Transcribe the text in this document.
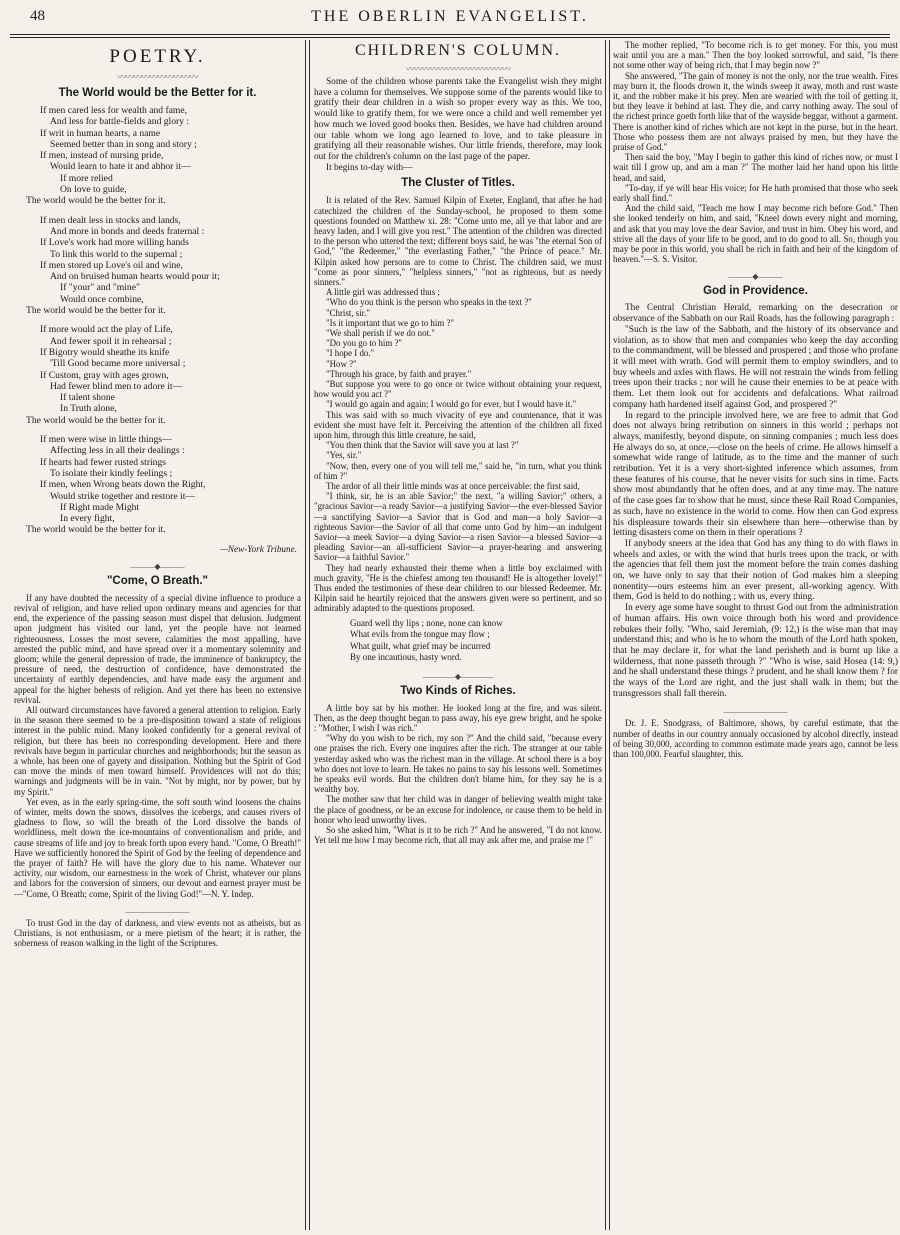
48	THE OBERLIN EVANGELIST.
POETRY.
〰〰〰〰〰〰〰〰〰〰
The World would be the Better for it.
If men cared less for wealth and fame,
And less for battle-fields and glory :
If writ in human hearts, a name
Seemed better than in song and story ;
If men, instead of nursing pride,
Would learn to hate it and abhor it—
If more relied
On love to guide,
The world would be the better for it.
If men dealt less in stocks and lands,
And more in bonds and deeds fraternal :
If Love's work had more willing hands
To link this world to the supernal ;
If men stored up Love's oil and wine,
And on bruised human hearts would pour it;
If "your" and "mine"
Would once combine,
The world would be the better for it.
If more would act the play of Life,
And fewer spoil it in rehearsal ;
If Bigotry would sheathe its knife
'Till Good became more universal ;
If Custom, gray with ages grown,
Had fewer blind men to adore it—
If talent shone
In Truth alone,
The world would be the better for it.
If men were wise in little things—
Affecting less in all their dealings :
If hearts had fewer rusted strings
To isolate their kindly feelings ;
If men, when Wrong beats down the Right,
Would strike together and restore it—
If Right made Might
In every fight,
The world would be the better for it.
—New-York Tribune.
———◆———
"Come, O Breath."

If any have doubted the necessity of a special divine influence to produce a revival of religion, and have relied upon ordinary means and agencies for that end, the experience of the passing season must dispel that delusion. Judgment upon judgment has visited our land, yet the people have not learned righteousness. Losses the most severe, calamities the most appalling, have arrested the public mind, and have spread over it a momentary solemnity and gloom; while the general depression of trade, the imminence of bankruptcy, the pressure of need, the destruction of confidence, have demonstrated the uncertainty of earthly dependencies, and have made easy the argument and appeal for the higher behests of religion. And yet there has been no extensive revival.

All outward circumstances have favored a general attention to religion. Early in the season there seemed to be a pre-disposition toward a state of religious interest in the public mind. Many looked confidently for a general revival of religion, but there has been no corresponding development. Here and there revivals have begun in particular churches and neighborhoods; but the season as a whole, has been one of gayety and dissipation. Nothing but the Spirit of God can move the minds of men toward himself. Providences will not do this; warnings and judgments will be in vain. "Not by might, nor by power, but by my Spirit."

Yet even, as in the early spring-time, the soft south wind loosens the chains of winter, melts down the snows, dissolves the icebergs, and causes rivers of gladness to flow, so will the breath of the Lord dissolve the bands of worldliness, melt down the ice-mountains of conventionalism and pride, and cause streams of life and joy to break forth upon every hand. "Come, O Breath!" Have we sufficiently honored the Spirit of God by the feeling of dependence and the prayer of faith? He will have the glory due to his name. Whatever our activity, our wisdom, our earnestness in the work of Christ, whatever our plans and labors for the conversion of sinners, our devout and earnest prayer must be—"Come, O Breath; come, Spirit of the living God!"—N. Y. Indep.

————————

To trust God in the day of darkness, and view events not as atheists, but as Christians, is not enthusiasm, or a mere pietism of the heart; it is rather, the soberness of reason walking in the light of the Scriptures.

CHILDREN'S COLUMN.
〰〰〰〰〰〰〰〰〰〰〰〰〰

Some of the children whose parents take the Evangelist wish they might have a column for themselves. We suppose some of the parents would like to gratify their dear children in a wish so proper every way as this. We too, would like to gratify them, for we were once a child and well remember yet how much we loved good books then. Besides, we have had children around our table whom we long ago learned to love, and to take pleasure in gratifying all their reasonable wishes. Our little friends, therefore, may look out for the children's column on the last page of the paper.

It begins to-day with—

The Cluster of Titles.

It is related of the Rev. Samuel Kilpin of Exeter, England, that after he had catechized the children of the Sunday-school, he proposed to them some questions founded on Matthew xi. 28: "Come unto me, all ye that labor and are heavy laden, and I will give you rest." The attention of the children was directed to the person who uttered the text; different boys said, he was "the eternal Son of God," "the Redeemer," "the everlasting Father," "the Prince of peace." Mr. Kilpin asked how persons are to come to Christ. The children said, we must "come as poor sinners," "helpless sinners," "not as righteous, but as needy sinners."

A little girl was addressed thus ;

"Who do you think is the person who speaks in the text ?"

"Christ, sir."

"Is it important that we go to him ?"

"We shall perish if we do not."

"Do you go to him ?"

"I hope I do."

"How ?"

"Through his grace, by faith and prayer."

"But suppose you were to go once or twice without obtaining your request, how would you act ?"

"I would go again and again; I would go for ever, but I would have it."

This was said with so much vivacity of eye and countenance, that it was evident she must have felt it. Perceiving the attention of the children all fixed upon him, through this little creature, he said,

"You then think that the Savior will save you at last ?"

"Yes, sir."

"Now, then, every one of you will tell me," said he, "in turn, what you think of him ?"

The ardor of all their little minds was at once perceivable: the first said,

"I think, sir, he is an able Savior;" the next, "a willing Savior;" others, a "gracious Savior—a ready Savior—a justifying Savior—the ever-blessed Savior—a sanctifying Savior—a Savior that is God and man—a holy Savior—a righteous Savior—the Savior of all that come unto God by him—an indulgent Savior—a meek Savior—a dying Savior—a risen Savior—a blessed Savior—a pleading Savior—an all-sufficient Savior—a prayer-hearing and answering Savior—a faithful Savior."

They had nearly exhausted their theme when a little boy exclaimed with much gravity, "He is the chiefest among ten thousand! He is altogether lovely!" Thus ended the testimonies of these dear children to our blessed Redeemer. Mr. Kilpin said he heartily rejoiced that the answers given were so pertinent, and so admirably adapted to the questions proposed.

Guard well thy lips ; none, none can know
What evils from the tongue may flow ;
What guilt, what grief may be incurred
By one incautious, hasty word.
————◆————
Two Kinds of Riches.

A little boy sat by his mother. He looked long at the fire, and was silent. Then, as the deep thought began to pass away, his eye grew bright, and he spoke : "Mother, I wish I was rich."

"Why do you wish to be rich, my son ?" And the child said, "because every one praises the rich. Every one inquires after the rich. The stranger at our table yesterday asked who was the richest man in the village. At school there is a boy who does not love to learn. He takes no pains to say his lessons well. Sometimes he speaks evil words. But the children don't blame him, for they say he is a wealthy boy.

The mother saw that her child was in danger of believing wealth might take the place of goodness, or be an excuse for indolence, or cause them to be held in honor who lead unworthy lives.

So she asked him, "What is it to be rich ?" And he answered, "I do not know. Yet tell me how I may become rich, that all may ask after me, and praise me !"

The mother replied, "To become rich is to get money. For this, you must wait until you are a man." Then the boy looked sorrowful, and said, "Is there not some other way of being rich, that I may begin now ?"

She answered, "The gain of money is not the only, nor the true wealth. Fires may burn it, the floods drown it, the winds sweep it away, moth and rust waste it, and the robber make it his prey. Men are wearied with the toil of getting it, but they leave it behind at last. They die, and carry nothing away. The soul of the richest prince goeth forth like that of the wayside beggar, without a garment. There is another kind of riches which are not kept in the purse, but in the heart. Those who possess them are not always praised by men, but they have the praise of God."

Then said the boy, "May I begin to gather this kind of riches now, or must I wait till I grow up, and am a man ?" The mother laid her hand upon his little head, and said,

"To-day, if ye will hear His voice; for He hath promised that those who seek early shall find."

And the child said, "Teach me how I may become rich before God." Then she looked tenderly on him, and said, "Kneel down every night and morning, and ask that you may love the dear Savior, and trust in him. Obey his word, and strive all the days of your life to be good, and to do good to all. So, though you may be poor in this world, you shall be rich in faith and heir of the kingdom of heaven."—S. S. Visitor.

———◆———
God in Providence.

The Central Christian Herald, remarking on the desecration or observance of the Sabbath on our Rail Roads, has the following paragraph :

"Such is the law of the Sabbath, and the history of its observance and violation, as to show that men and companies who keep the day according to the commandment, will be blessed and prospered ; and those who profane it will meet with wrath. God will permit them to employ swindlers, and to buy wheels and axles with flaws. He will not restrain the winds from felling trees upon their tracks ; nor will he cause their enemies to be at peace with them. Let them look out for accidents and defalcations. What railroad company hath hardened itself against God, and prospered ?"

In regard to the principle involved here, we are free to admit that God does not always bring retribution on sinners in this world ; perhaps not always, manifestly, beyond dispute, on sinning companies ; much less does He always do so, at once,—close on the heels of crime. He allows himself a somewhat wide range of latitude, as to the time and the manner of such retribution. Yet it is a very short-sighted inference which assumes, from these features of his course, that he never visits for such sins in time. Facts show most abundantly that he often does, and at any time may. The nature of the case goes far to show that he must, since these Rail Road Companies, as such, have no existence in the world to come. How then can God express his displeasure towards their sin elsewhere than here—otherwise than by letting disasters come on them in their operations ?

If anybody sneers at the idea that God has any thing to do with flaws in wheels and axles, or with the wind that hurls trees upon the track, or with the agencies that fell them just the moment before the train comes dashing on, we have only to say that their notion of God makes him a sleeping nonentity—ours esteems him an ever present, all-working agency. With them, God is held to do nothing ; with us, every thing.

In every age some have sought to thrust God out from the administration of human affairs. His own voice through both his word and providence rebukes their folly. "Who, said Jeremiah, (9: 12,) is the wise man that may understand this; and who is he to whom the mouth of the Lord hath spoken, that he may declare it, for what the land perisheth and is burnt up like a wilderness, that none passeth through ?" "Who is wise, said Hosea (14: 9,) and he shall understand these things ? prudent, and he shall know them ? for the ways of the Lord are right, and the just shall walk in them; but the transgressors shall fall therein.

————————

Dr. J. E. Snodgrass, of Baltimore, shows, by careful estimate, that the number of deaths in our country annualy occasioned by alcohol directly, instead of being 30,000, according to common estimate made years ago, cannot be less than 100,000. Fearful slaughter, this.
